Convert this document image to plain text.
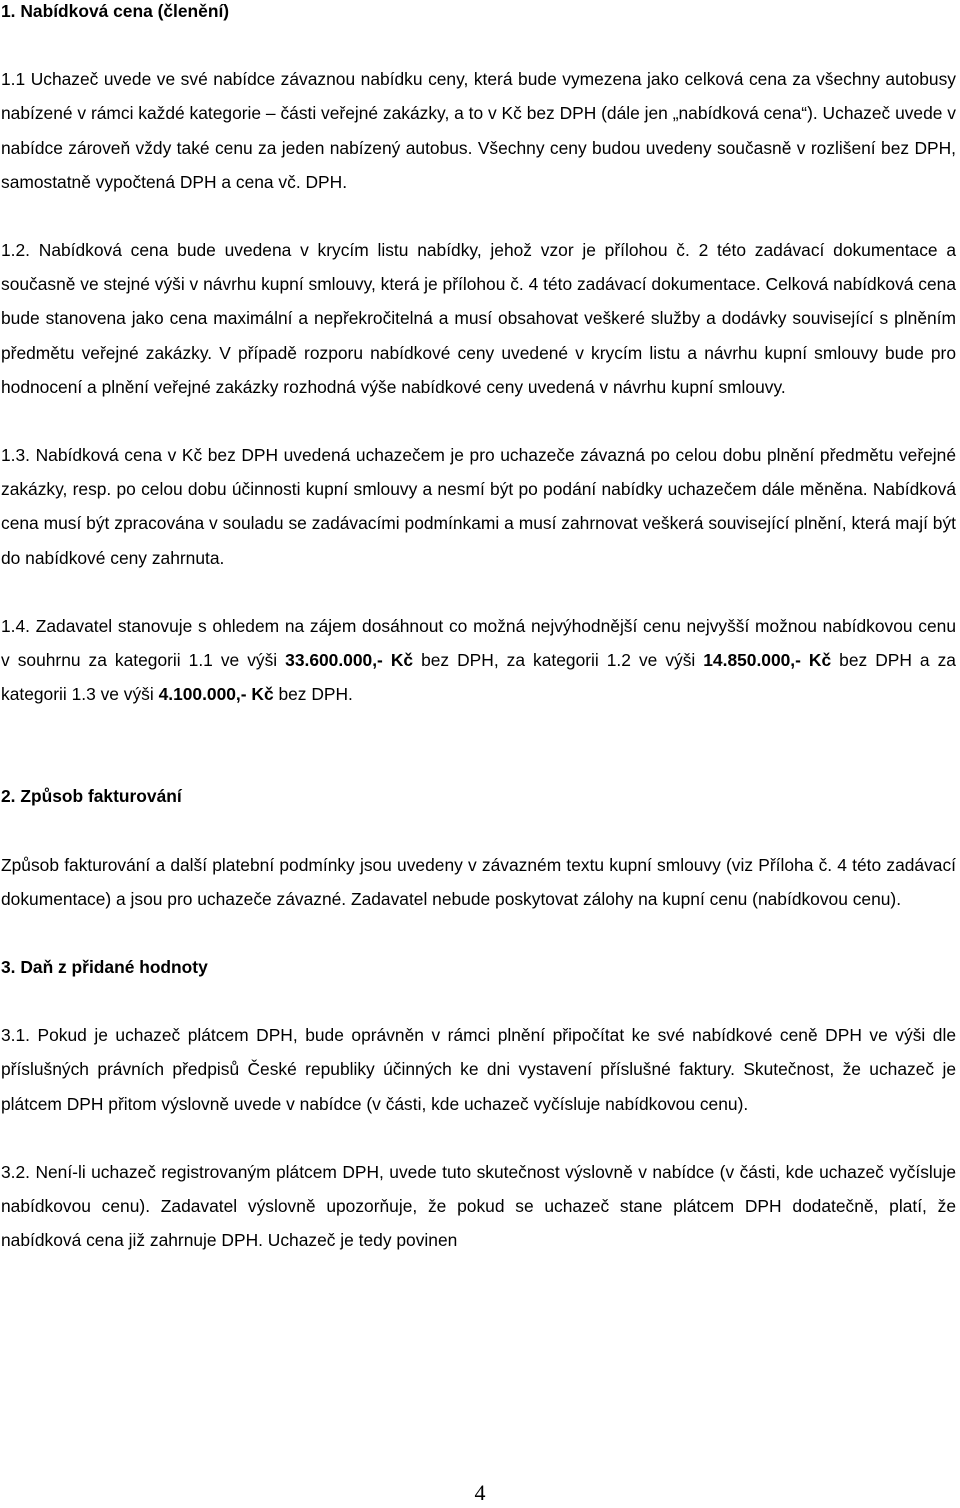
1. Nabídková cena (členění)

1.1 Uchazeč uvede ve své nabídce závaznou nabídku ceny, která bude vymezena jako celková cena za všechny autobusy nabízené v rámci každé kategorie – části veřejné zakázky, a to v Kč bez DPH (dále jen „nabídková cena“). Uchazeč uvede v nabídce zároveň vždy také cenu za jeden nabízený autobus. Všechny ceny budou uvedeny současně v rozlišení bez DPH, samostatně vypočtená DPH a cena vč. DPH.

1.2. Nabídková cena bude uvedena v krycím listu nabídky, jehož vzor je přílohou č. 2 této zadávací dokumentace a současně ve stejné výši v návrhu kupní smlouvy, která je přílohou č. 4 této zadávací dokumentace. Celková nabídková cena bude stanovena jako cena maximální a nepřekročitelná a musí obsahovat veškeré služby a dodávky související s plněním předmětu veřejné zakázky. V případě rozporu nabídkové ceny uvedené v krycím listu a návrhu kupní smlouvy bude pro hodnocení a plnění veřejné zakázky rozhodná výše nabídkové ceny uvedená v návrhu kupní smlouvy.

1.3. Nabídková cena v Kč bez DPH uvedená uchazečem je pro uchazeče závazná po celou dobu plnění předmětu veřejné zakázky, resp. po celou dobu účinnosti kupní smlouvy a nesmí být po podání nabídky uchazečem dále měněna. Nabídková cena musí být zpracována v souladu se zadávacími podmínkami a musí zahrnovat veškerá související plnění, která mají být do nabídkové ceny zahrnuta.

1.4. Zadavatel stanovuje s ohledem na zájem dosáhnout co možná nejvýhodnější cenu nejvyšší možnou nabídkovou cenu v souhrnu za kategorii 1.1 ve výši 33.600.000,- Kč bez DPH, za kategorii 1.2 ve výši 14.850.000,- Kč bez DPH a za kategorii 1.3 ve výši 4.100.000,- Kč bez DPH.

2. Způsob fakturování

Způsob fakturování a další platební podmínky jsou uvedeny v závazném textu kupní smlouvy (viz Příloha č. 4 této zadávací dokumentace) a jsou pro uchazeče závazné. Zadavatel nebude poskytovat zálohy na kupní cenu (nabídkovou cenu).

3. Daň z přidané hodnoty

3.1. Pokud je uchazeč plátcem DPH, bude oprávněn v rámci plnění připočítat ke své nabídkové ceně DPH ve výši dle příslušných právních předpisů České republiky účinných ke dni vystavení příslušné faktury. Skutečnost, že uchazeč je plátcem DPH přitom výslovně uvede v nabídce (v části, kde uchazeč vyčísluje nabídkovou cenu).

3.2. Není-li uchazeč registrovaným plátcem DPH, uvede tuto skutečnost výslovně v nabídce (v části, kde uchazeč vyčísluje nabídkovou cenu). Zadavatel výslovně upozorňuje, že pokud se uchazeč stane plátcem DPH dodatečně, platí, že nabídková cena již zahrnuje DPH. Uchazeč je tedy povinen

4
